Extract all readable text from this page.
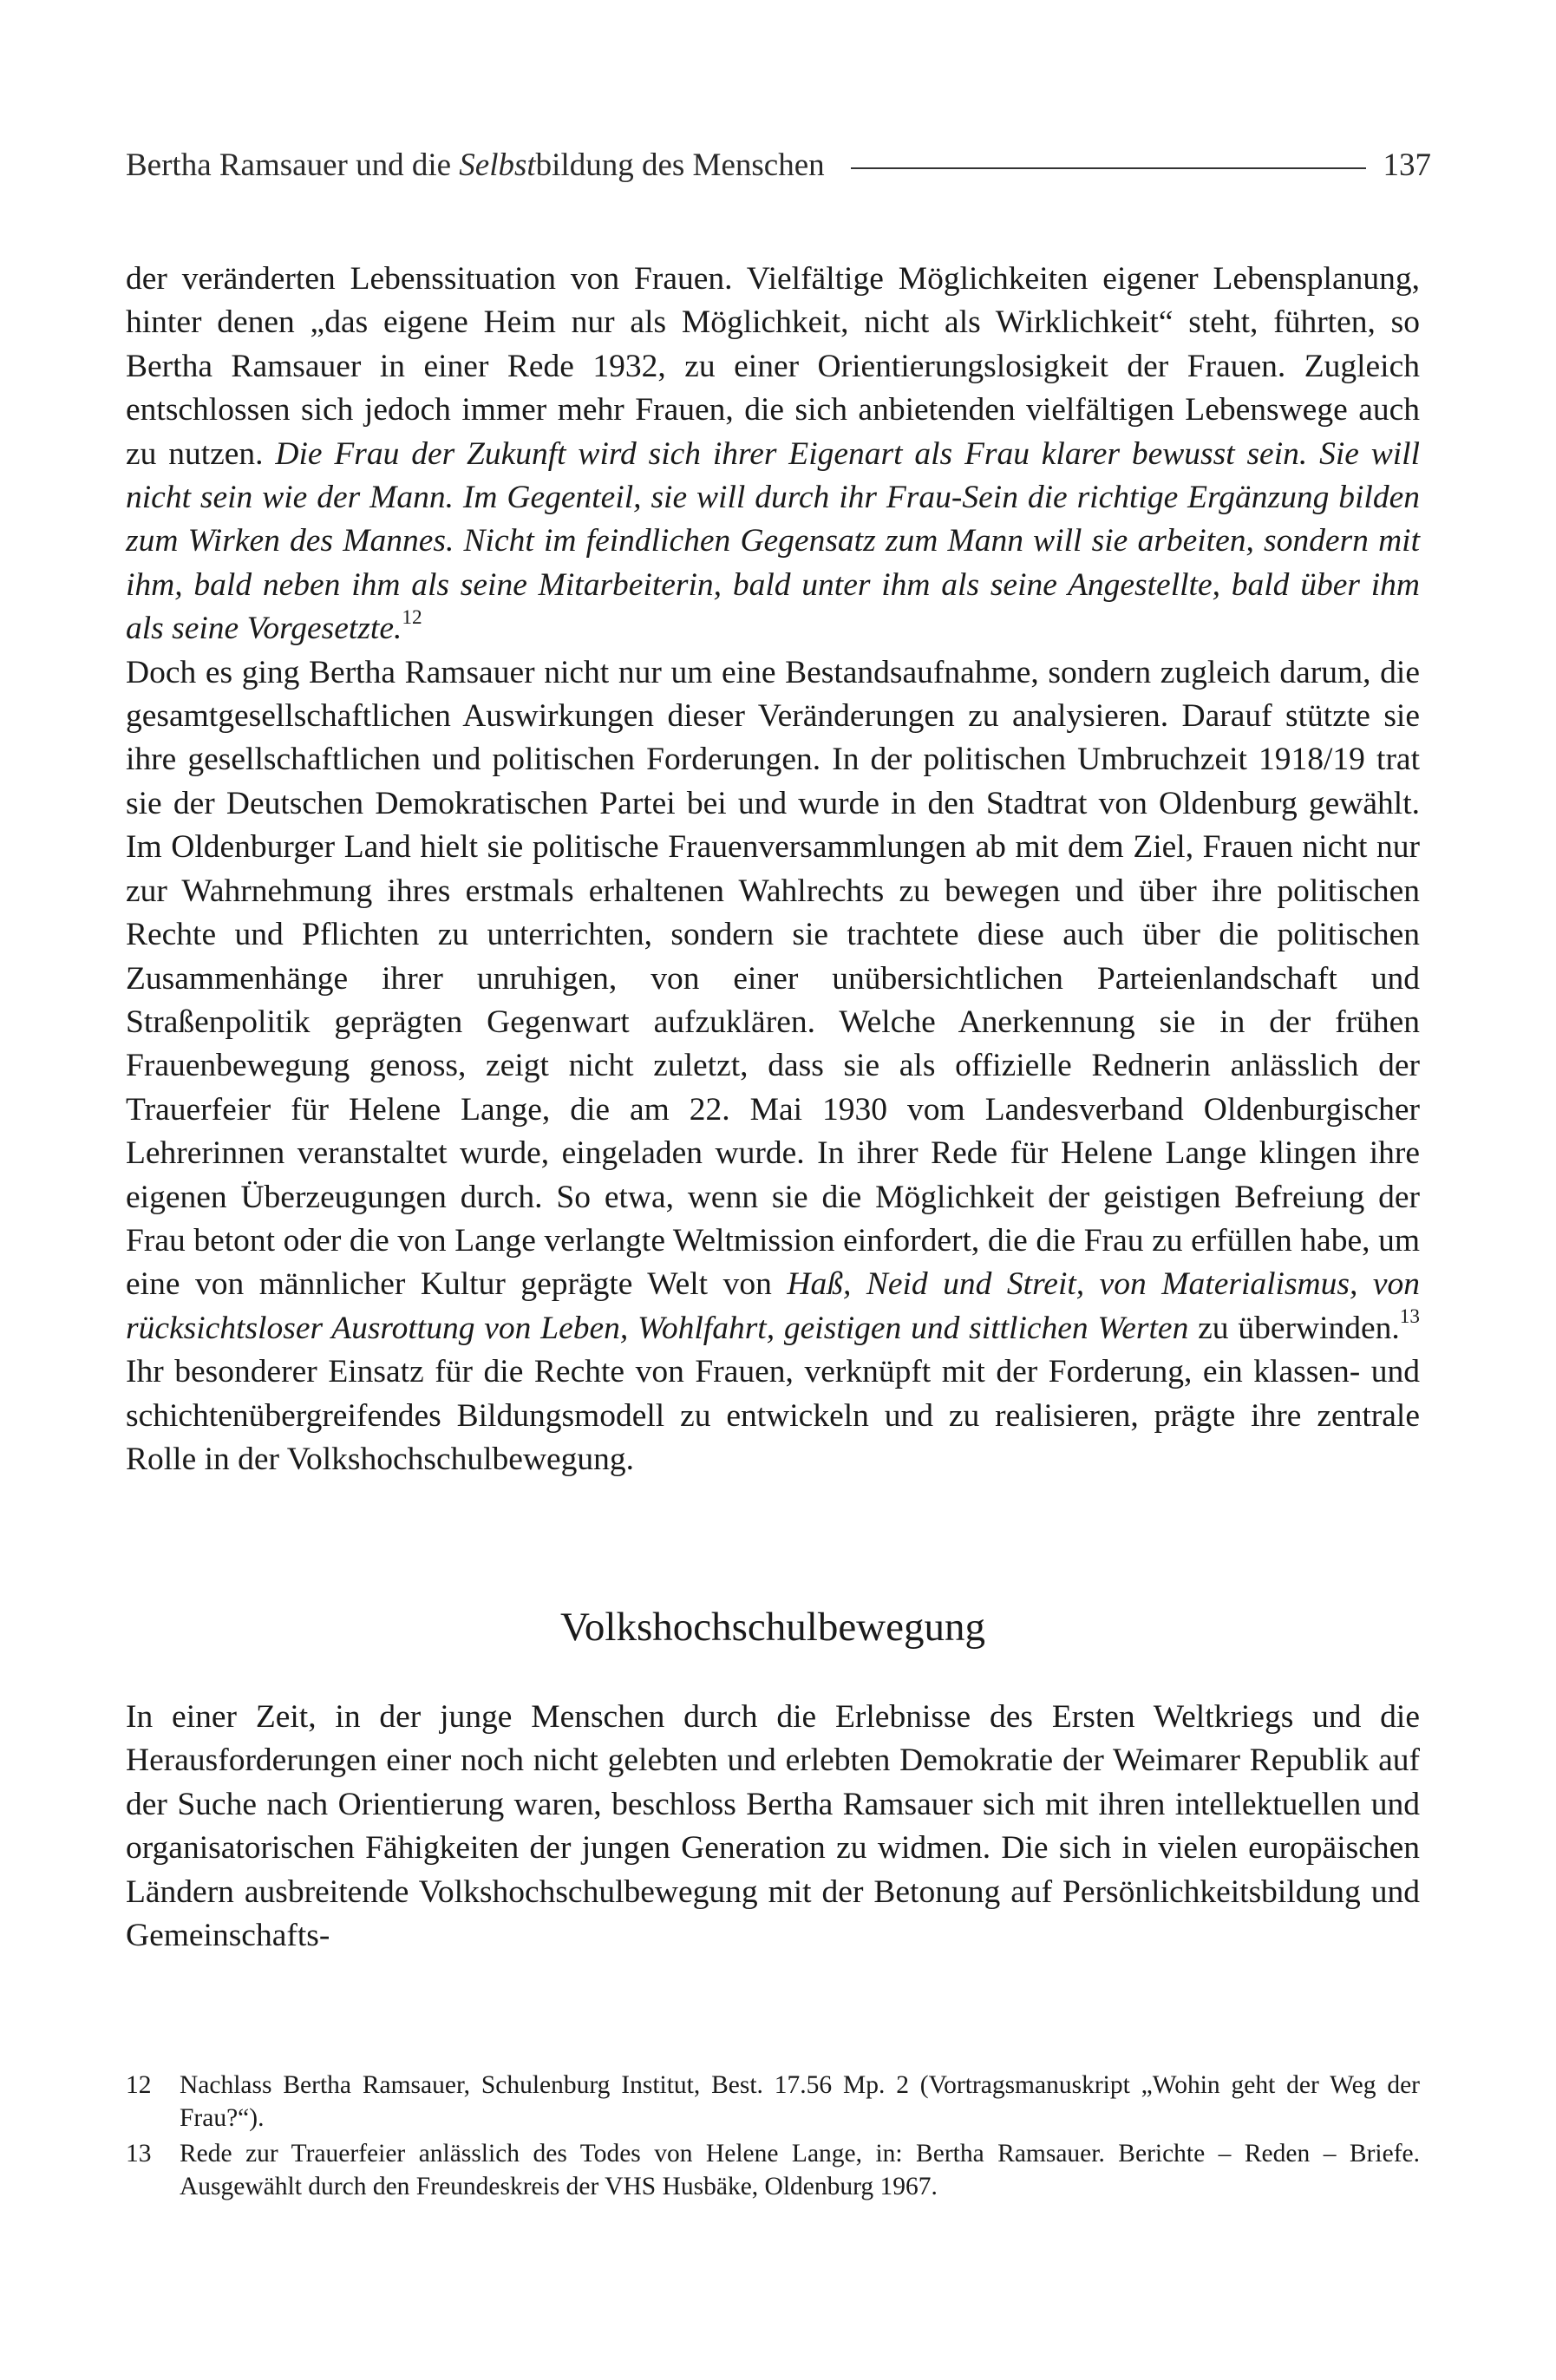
Bertha Ramsauer und die Selbstbildung des Menschen	137

der veränderten Lebenssituation von Frauen. Vielfältige Möglichkeiten eigener Lebensplanung, hinter denen „das eigene Heim nur als Möglichkeit, nicht als Wirklichkeit“ steht, führten, so Bertha Ramsauer in einer Rede 1932, zu einer Orientierungslosigkeit der Frauen. Zugleich entschlossen sich jedoch immer mehr Frauen, die sich anbietenden vielfältigen Lebenswege auch zu nutzen. Die Frau der Zukunft wird sich ihrer Eigenart als Frau klarer bewusst sein. Sie will nicht sein wie der Mann. Im Gegenteil, sie will durch ihr Frau-Sein die richtige Ergänzung bilden zum Wirken des Mannes. Nicht im feindlichen Gegensatz zum Mann will sie arbeiten, sondern mit ihm, bald neben ihm als seine Mitarbeiterin, bald unter ihm als seine Angestellte, bald über ihm als seine Vorgesetzte.$^{12}$

Doch es ging Bertha Ramsauer nicht nur um eine Bestandsaufnahme, sondern zugleich darum, die gesamtgesellschaftlichen Auswirkungen dieser Veränderungen zu analysieren. Darauf stützte sie ihre gesellschaftlichen und politischen Forderungen. In der politischen Umbruchzeit 1918/19 trat sie der Deutschen Demokratischen Partei bei und wurde in den Stadtrat von Oldenburg gewählt. Im Oldenburger Land hielt sie politische Frauenversammlungen ab mit dem Ziel, Frauen nicht nur zur Wahrnehmung ihres erstmals erhaltenen Wahlrechts zu bewegen und über ihre politischen Rechte und Pflichten zu unterrichten, sondern sie trachtete diese auch über die politischen Zusammenhänge ihrer unruhigen, von einer unübersichtlichen Parteienlandschaft und Straßenpolitik geprägten Gegenwart aufzuklären. Welche Anerkennung sie in der frühen Frauenbewegung genoss, zeigt nicht zuletzt, dass sie als offizielle Rednerin anlässlich der Trauerfeier für Helene Lange, die am 22. Mai 1930 vom Landesverband Oldenburgischer Lehrerinnen veranstaltet wurde, eingeladen wurde. In ihrer Rede für Helene Lange klingen ihre eigenen Überzeugungen durch. So etwa, wenn sie die Möglichkeit der geistigen Befreiung der Frau betont oder die von Lange verlangte Weltmission einfordert, die die Frau zu erfüllen habe, um eine von männlicher Kultur geprägte Welt von Haß, Neid und Streit, von Materialismus, von rücksichtsloser Ausrottung von Leben, Wohlfahrt, geistigen und sittlichen Werten zu überwinden.$^{13}$ Ihr besonderer Einsatz für die Rechte von Frauen, verknüpft mit der Forderung, ein klassen- und schichtenübergreifendes Bildungsmodell zu entwickeln und zu realisieren, prägte ihre zentrale Rolle in der Volkshochschulbewegung.

Volkshochschulbewegung

In einer Zeit, in der junge Menschen durch die Erlebnisse des Ersten Weltkriegs und die Herausforderungen einer noch nicht gelebten und erlebten Demokratie der Weimarer Republik auf der Suche nach Orientierung waren, beschloss Bertha Ramsauer sich mit ihren intellektuellen und organisatorischen Fähigkeiten der jungen Generation zu widmen. Die sich in vielen europäischen Ländern ausbreitende Volkshochschulbewegung mit der Betonung auf Persönlichkeitsbildung und Gemeinschafts-

12	Nachlass Bertha Ramsauer, Schulenburg Institut, Best. 17.56 Mp. 2 (Vortragsmanuskript „Wohin geht der Weg der Frau?“).
13	Rede zur Trauerfeier anlässlich des Todes von Helene Lange, in: Bertha Ramsauer. Berichte – Reden – Briefe. Ausgewählt durch den Freundeskreis der VHS Husbäke, Oldenburg 1967.
